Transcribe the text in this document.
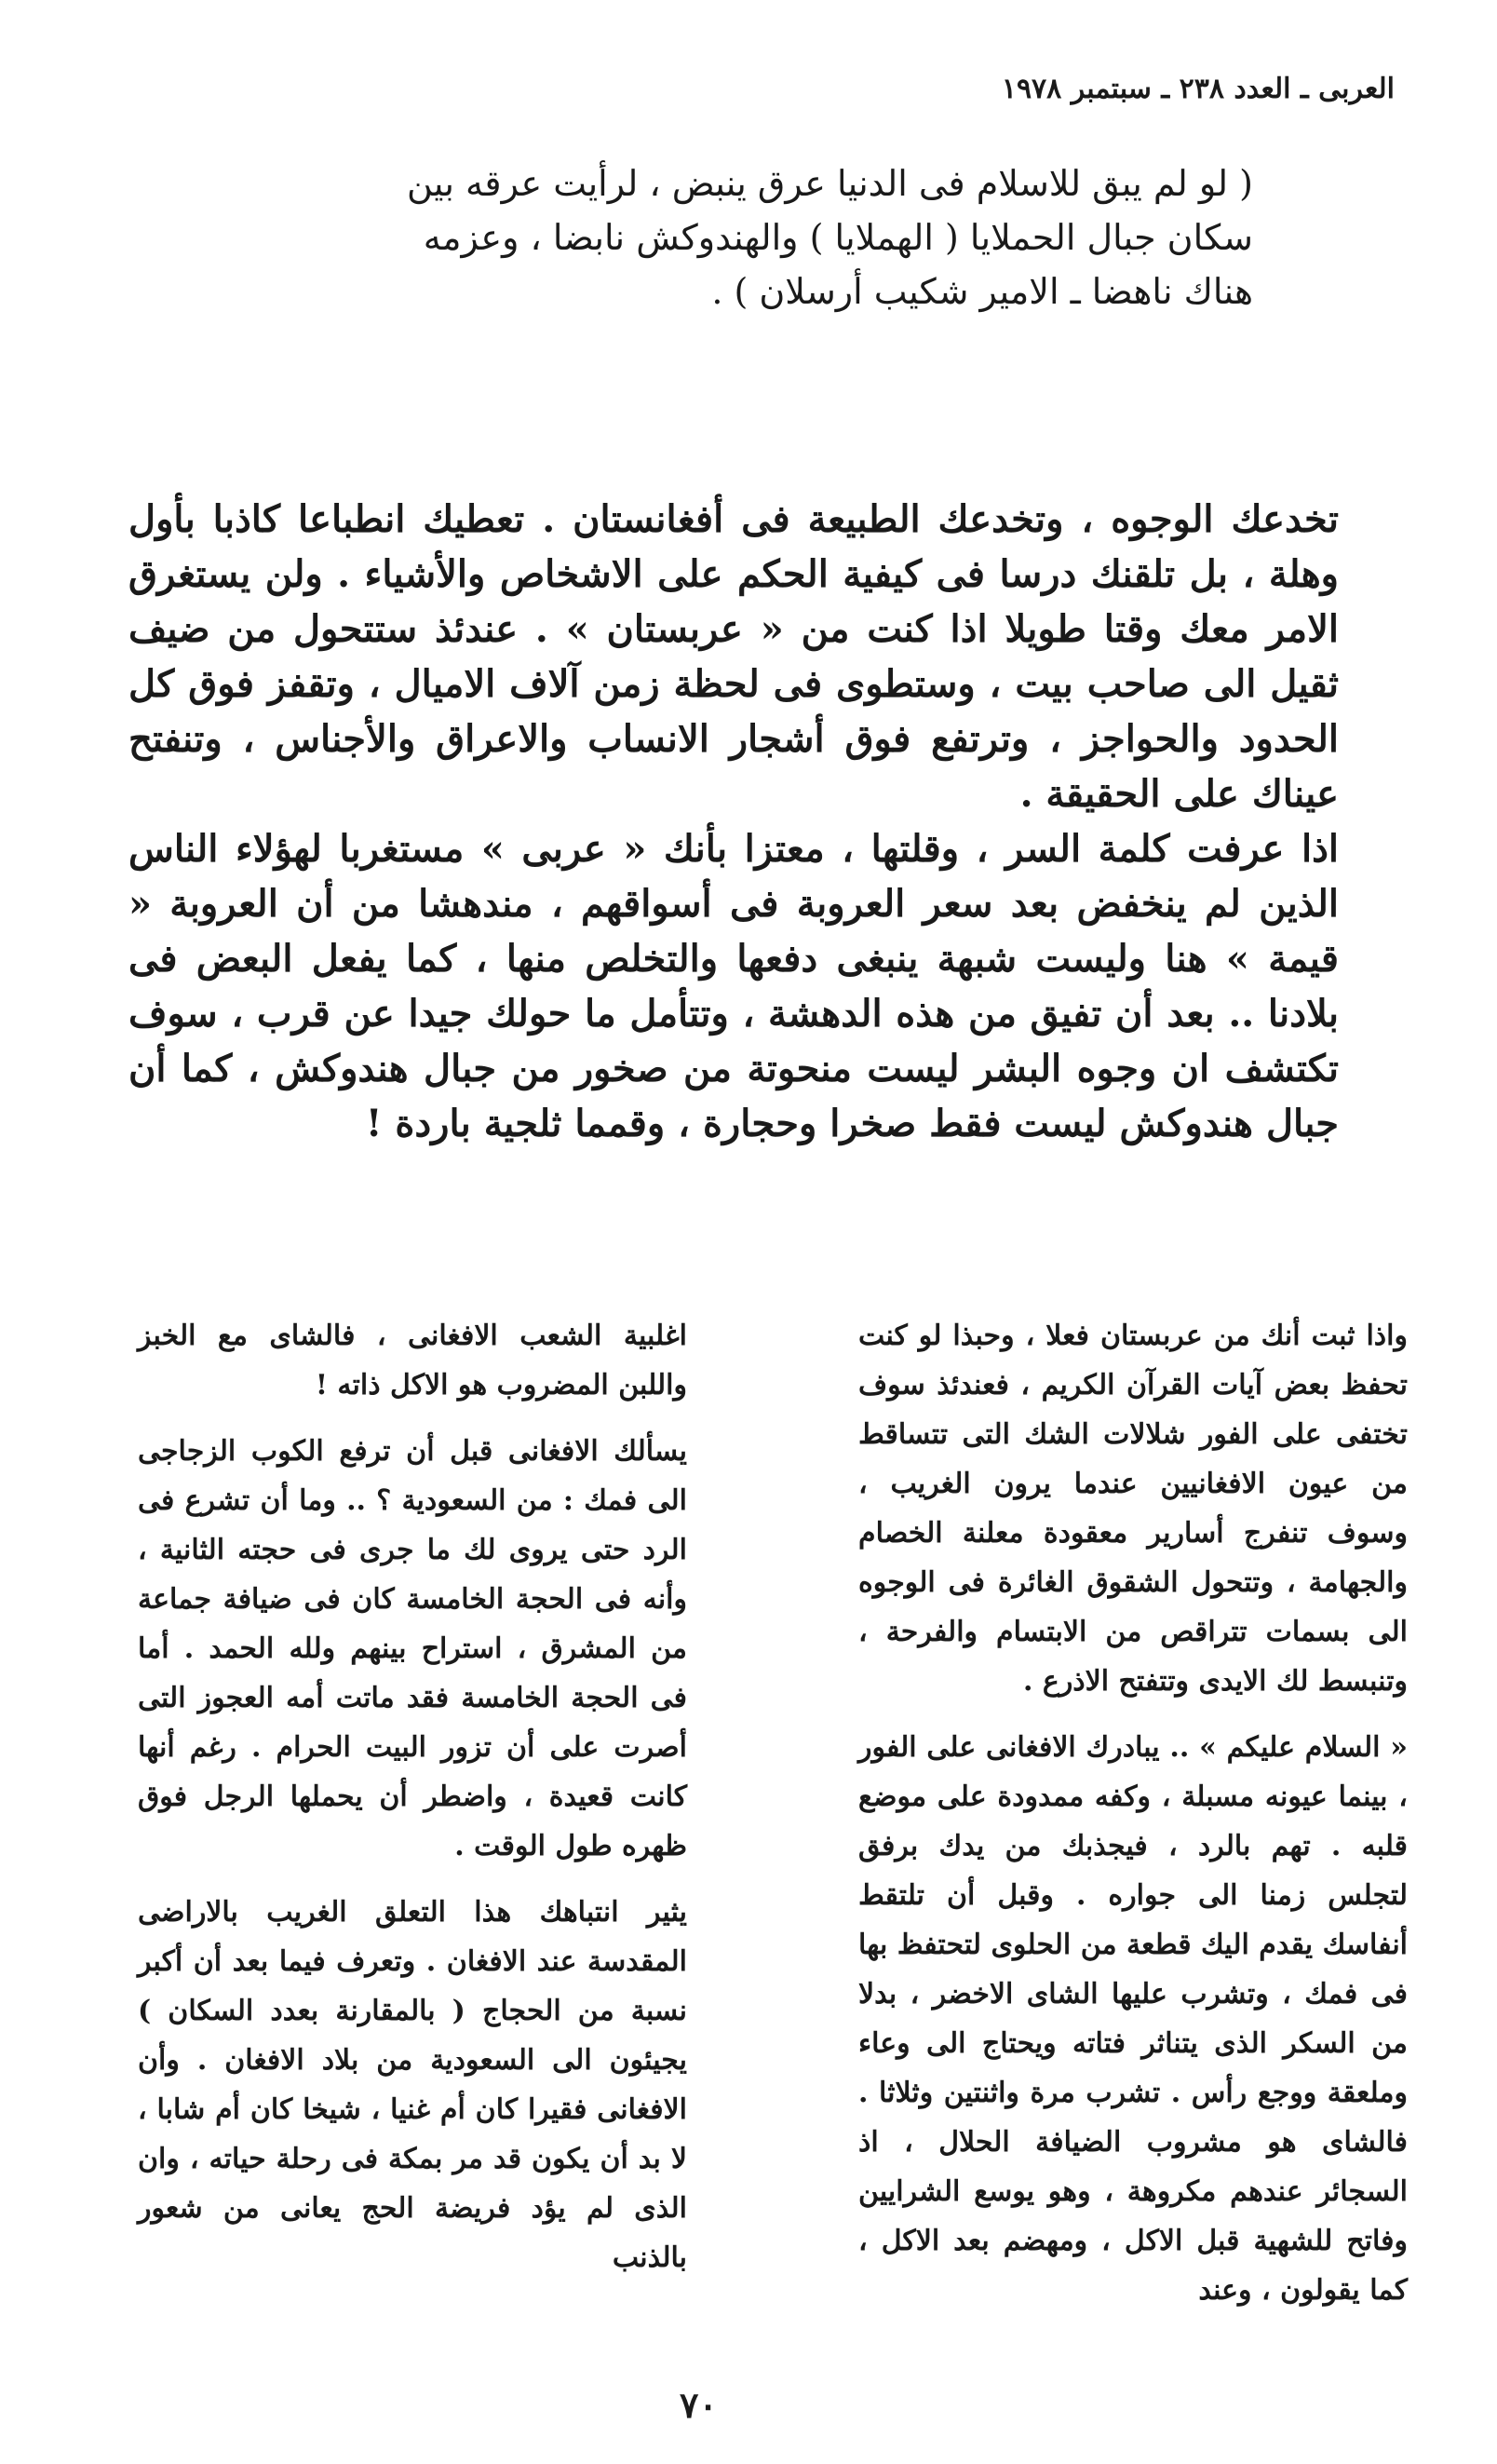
العربى ـ العدد ٢٣٨ ـ سبتمبر ١٩٧٨

( لو لم يبق للاسلام فى الدنيا عرق ينبض ، لرأيت عرقه بين

سكان جبال الحملايا ( الهملايا ) والهندوكش نابضا ، وعزمه

هناك ناهضا ـ الامير شكيب أرسلان ) .

تخدعك الوجوه ، وتخدعك الطبيعة فى أفغانستان . تعطيك انطباعا كاذبا بأول وهلة ، بل تلقنك درسا فى كيفية الحكم على الاشخاص والأشياء . ولن يستغرق الامر معك وقتا طويلا اذا كنت من « عربستان » . عندئذ ستتحول من ضيف ثقيل الى صاحب بيت ، وستطوى فى لحظة زمن آلاف الاميال ، وتقفز فوق كل الحدود والحواجز ، وترتفع فوق أشجار الانساب والاعراق والأجناس ، وتنفتح عيناك على الحقيقة .

اذا عرفت كلمة السر ، وقلتها ، معتزا بأنك « عربى » مستغربا لهؤلاء الناس الذين لم ينخفض بعد سعر العروبة فى أسواقهم ، مندهشا من أن العروبة « قيمة » هنا وليست شبهة ينبغى دفعها والتخلص منها ، كما يفعل البعض فى بلادنا .. بعد أن تفيق من هذه الدهشة ، وتتأمل ما حولك جيدا عن قرب ، سوف تكتشف ان وجوه البشر ليست منحوتة من صخور من جبال هندوكش ، كما أن جبال هندوكش ليست فقط صخرا وحجارة ، وقمما ثلجية باردة !

واذا ثبت أنك من عربستان فعلا ، وحبذا لو كنت تحفظ بعض آيات القرآن الكريم ، فعندئذ سوف تختفى على الفور شلالات الشك التى تتساقط من عيون الافغانيين عندما يرون الغريب ، وسوف تنفرج أسارير معقودة معلنة الخصام والجهامة ، وتتحول الشقوق الغائرة فى الوجوه الى بسمات تتراقص من الابتسام والفرحة ، وتنبسط لك الايدى وتتفتح الاذرع .

« السلام عليكم » .. يبادرك الافغانى على الفور ، بينما عيونه مسبلة ، وكفه ممدودة على موضع قلبه . تهم بالرد ، فيجذبك من يدك برفق لتجلس زمنا الى جواره . وقبل أن تلتقط أنفاسك يقدم اليك قطعة من الحلوى لتحتفظ بها فى فمك ، وتشرب عليها الشاى الاخضر ، بدلا من السكر الذى يتناثر فتاته ويحتاج الى وعاء وملعقة ووجع رأس . تشرب مرة واثنتين وثلاثا . فالشاى هو مشروب الضيافة الحلال ، اذ السجائر عندهم مكروهة ، وهو يوسع الشرايين وفاتح للشهية قبل الاكل ، ومهضم بعد الاكل ، كما يقولون ، وعند

اغلبية الشعب الافغانى ، فالشاى مع الخبز واللبن المضروب هو الاكل ذاته !

يسألك الافغانى قبل أن ترفع الكوب الزجاجى الى فمك : من السعودية ؟ .. وما أن تشرع فى الرد حتى يروى لك ما جرى فى حجته الثانية ، وأنه فى الحجة الخامسة كان فى ضيافة جماعة من المشرق ، استراح بينهم ولله الحمد . أما فى الحجة الخامسة فقد ماتت أمه العجوز التى أصرت على أن تزور البيت الحرام . رغم أنها كانت قعيدة ، واضطر أن يحملها الرجل فوق ظهره طول الوقت .

يثير انتباهك هذا التعلق الغريب بالاراضى المقدسة عند الافغان . وتعرف فيما بعد أن أكبر نسبة من الحجاج ( بالمقارنة بعدد السكان ) يجيئون الى السعودية من بلاد الافغان . وأن الافغانى فقيرا كان أم غنيا ، شيخا كان أم شابا ، لا بد أن يكون قد مر بمكة فى رحلة حياته ، وان الذى لم يؤد فريضة الحج يعانى من شعور بالذنب

٧٠
